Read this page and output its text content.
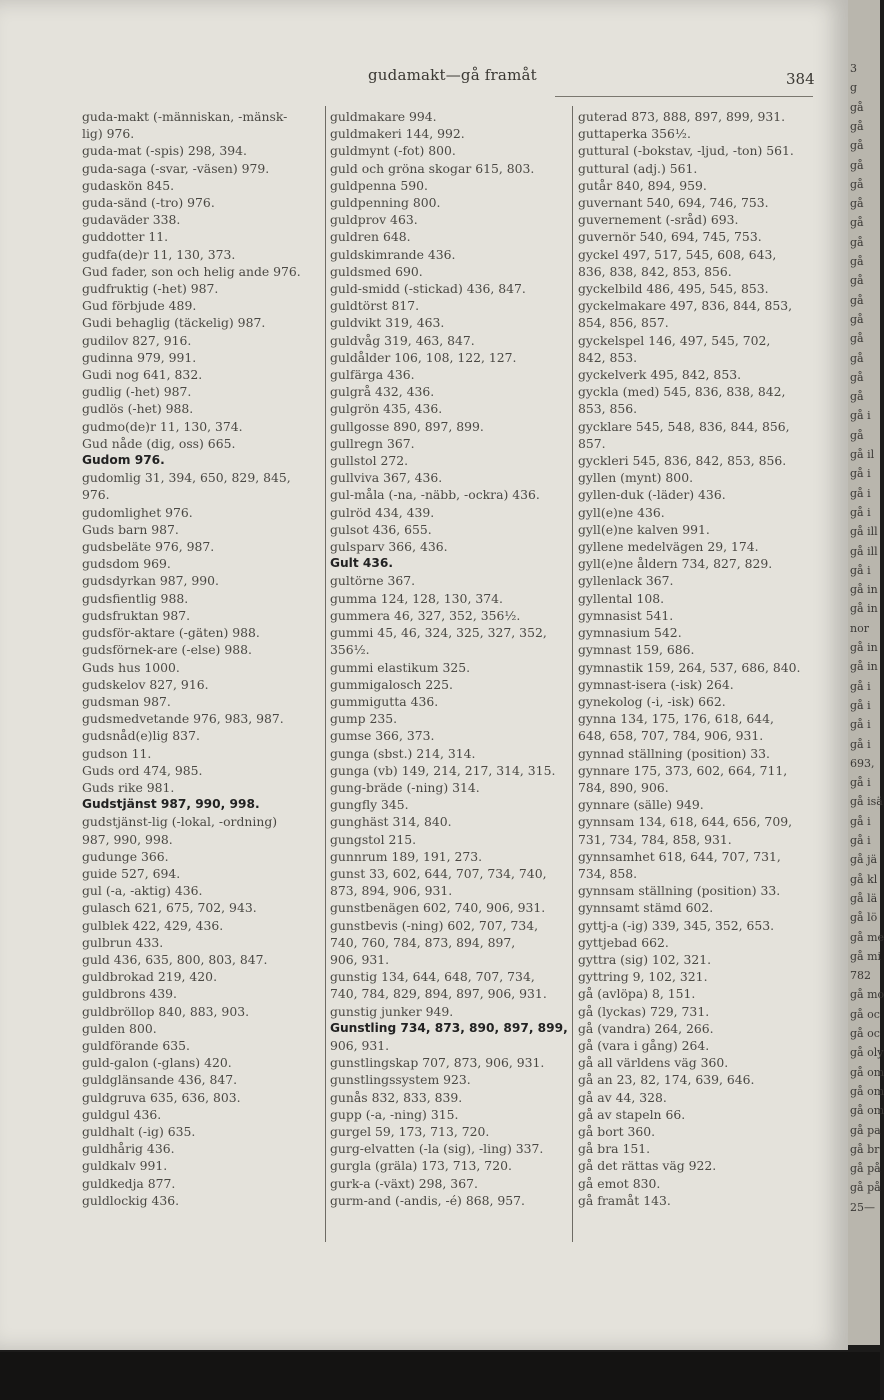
gudamakt—gå framåt	384
guda-makt (-människan, -mänsk-
lig) 976.
guda-mat (-spis) 298, 394.
guda-saga (-svar, -väsen) 979.
gudaskön 845.
guda-sänd (-tro) 976.
gudaväder 338.
guddotter 11.
gudfa(de)r 11, 130, 373.
Gud fader, son och helig ande 976.
gudfruktig (-het) 987.
Gud förbjude 489.
Gudi behaglig (täckelig) 987.
gudilov 827, 916.
gudinna 979, 991.
Gudi nog 641, 832.
gudlig (-het) 987.
gudlös (-het) 988.
gudmo(de)r 11, 130, 374.
Gud nåde (dig, oss) 665.
Gudom 976.
gudomlig 31, 394, 650, 829, 845,
976.
gudomlighet 976.
Guds barn 987.
gudsbeläte 976, 987.
gudsdom 969.
gudsdyrkan 987, 990.
gudsfientlig 988.
gudsfruktan 987.
gudsför-aktare (-gäten) 988.
gudsförnek-are (-else) 988.
Guds hus 1000.
gudskelov 827, 916.
gudsman 987.
gudsmedvetande 976, 983, 987.
gudsnåd(e)lig 837.
gudson 11.
Guds ord 474, 985.
Guds rike 981.
Gudstjänst 987, 990, 998.
gudstjänst-lig (-lokal, -ordning)
987, 990, 998.
gudunge 366.
guide 527, 694.
gul (-a, -aktig) 436.
gulasch 621, 675, 702, 943.
gulblek 422, 429, 436.
gulbrun 433.
guld 436, 635, 800, 803, 847.
guldbrokad 219, 420.
guldbrons 439.
guldbröllop 840, 883, 903.
gulden 800.
guldförande 635.
guld-galon (-glans) 420.
guldglänsande 436, 847.
guldgruva 635, 636, 803.
guldgul 436.
guldhalt (-ig) 635.
guldhårig 436.
guldkalv 991.
guldkedja 877.
guldlockig 436.
guldmakare 994.
guldmakeri 144, 992.
guldmynt (-fot) 800.
guld och gröna skogar 615, 803.
guldpenna 590.
guldpenning 800.
guldprov 463.
guldren 648.
guldskimrande 436.
guldsmed 690.
guld-smidd (-stickad) 436, 847.
guldtörst 817.
guldvikt 319, 463.
guldvåg 319, 463, 847.
guldålder 106, 108, 122, 127.
gulfärga 436.
gulgrå 432, 436.
gulgrön 435, 436.
gullgosse 890, 897, 899.
gullregn 367.
gullstol 272.
gullviva 367, 436.
gul-måla (-na, -näbb, -ockra) 436.
gulröd 434, 439.
gulsot 436, 655.
gulsparv 366, 436.
Gult 436.
gultörne 367.
gumma 124, 128, 130, 374.
gummera 46, 327, 352, 356½.
gummi 45, 46, 324, 325, 327, 352,
356½.
gummi elastikum 325.
gummigalosch 225.
gummigutta 436.
gump 235.
gumse 366, 373.
gunga (sbst.) 214, 314.
gunga (vb) 149, 214, 217, 314, 315.
gung-bräde (-ning) 314.
gungfly 345.
gunghäst 314, 840.
gungstol 215.
gunnrum 189, 191, 273.
gunst 33, 602, 644, 707, 734, 740,
873, 894, 906, 931.
gunstbenägen 602, 740, 906, 931.
gunstbevis (-ning) 602, 707, 734,
740, 760, 784, 873, 894, 897,
906, 931.
gunstig 134, 644, 648, 707, 734,
740, 784, 829, 894, 897, 906, 931.
gunstig junker 949.
Gunstling 734, 873, 890, 897, 899,
906, 931.
gunstlingskap 707, 873, 906, 931.
gunstlingssystem 923.
gunås 832, 833, 839.
gupp (-a, -ning) 315.
gurgel 59, 173, 713, 720.
gurg-elvatten (-la (sig), -ling) 337.
gurgla (gräla) 173, 713, 720.
gurk-a (-växt) 298, 367.
gurm-and (-andis, -é) 868, 957.
guterad 873, 888, 897, 899, 931.
guttaperka 356½.
guttural (-bokstav, -ljud, -ton) 561.
guttural (adj.) 561.
gutår 840, 894, 959.
guvernant 540, 694, 746, 753.
guvernement (-sråd) 693.
guvernör 540, 694, 745, 753.
gyckel 497, 517, 545, 608, 643,
836, 838, 842, 853, 856.
gyckelbild 486, 495, 545, 853.
gyckelmakare 497, 836, 844, 853,
854, 856, 857.
gyckelspel 146, 497, 545, 702,
842, 853.
gyckelverk 495, 842, 853.
gyckla (med) 545, 836, 838, 842,
853, 856.
gycklare 545, 548, 836, 844, 856,
857.
gyckleri 545, 836, 842, 853, 856.
gyllen (mynt) 800.
gyllen-duk (-läder) 436.
gyll(e)ne 436.
gyll(e)ne kalven 991.
gyllene medelvägen 29, 174.
gyll(e)ne åldern 734, 827, 829.
gyllenlack 367.
gyllental 108.
gymnasist 541.
gymnasium 542.
gymnast 159, 686.
gymnastik 159, 264, 537, 686, 840.
gymnast-isera (-isk) 264.
gynekolog (-i, -isk) 662.
gynna 134, 175, 176, 618, 644,
648, 658, 707, 784, 906, 931.
gynnad ställning (position) 33.
gynnare 175, 373, 602, 664, 711,
784, 890, 906.
gynnare (sälle) 949.
gynnsam 134, 618, 644, 656, 709,
731, 734, 784, 858, 931.
gynnsamhet 618, 644, 707, 731,
734, 858.
gynnsam ställning (position) 33.
gynnsamt stämd 602.
gyttj-a (-ig) 339, 345, 352, 653.
gyttjebad 662.
gyttra (sig) 102, 321.
gyttring 9, 102, 321.
gå (avlöpa) 8, 151.
gå (lyckas) 729, 731.
gå (vandra) 264, 266.
gå (vara i gång) 264.
gå all världens väg 360.
gå an 23, 82, 174, 639, 646.
gå av 44, 328.
gå av stapeln 66.
gå bort 360.
gå bra 151.
gå det rättas väg 922.
gå emot 830.
gå framåt 143.
3
g
gå
gå
gå
gå
gå
gå
gå
gå
gå
gå
gå
gå
gå
gå
gå
gå
gå i
gå
gå il
gå i
gå i
gå i
gå ill
gå ill
gå i
gå in
gå in
nor
gå in
gå in
gå i
gå i
gå i
gå i
693,
gå i
gå isä
gå i
gå i
gå jä
gå kl
gå lä
gå lö
gå me
gå mi
782
gå mo
gå oc
gå oc
gå oly
gå om
gå om
gå om
gå pa
gå br
gå på
gå på
25—
